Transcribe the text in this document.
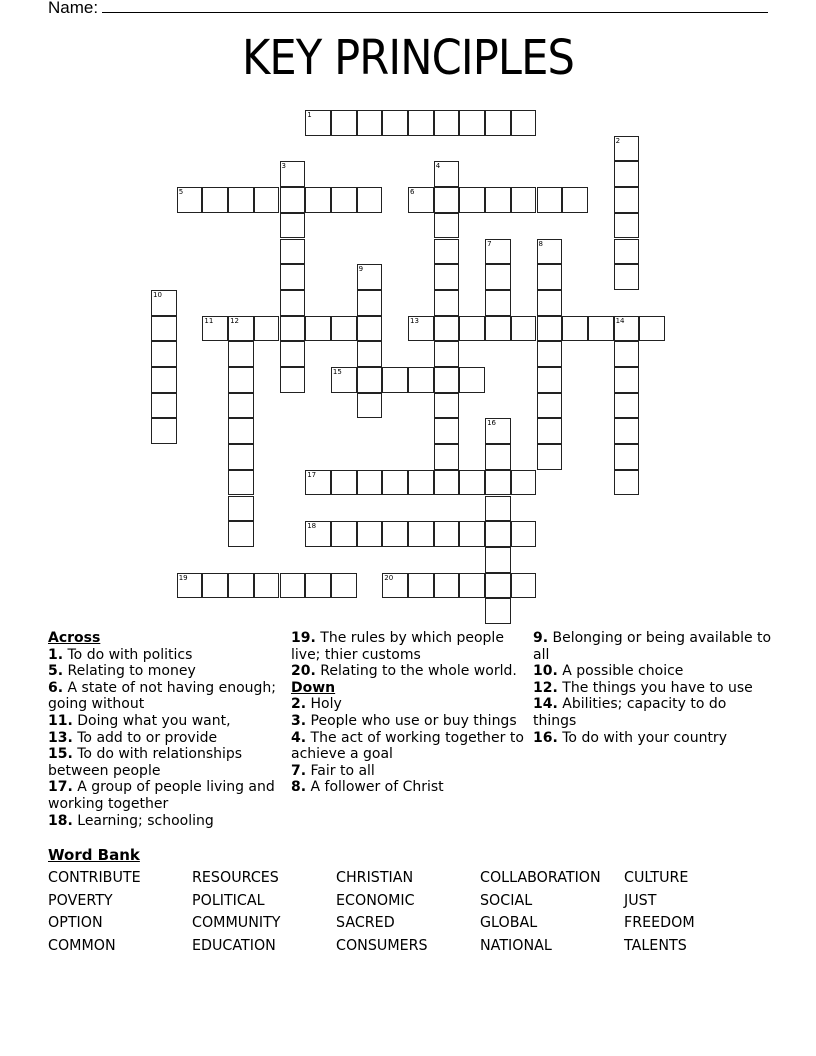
Name:
KEY PRINCIPLES
1
2
3	4
5	6
7	8
9
10
11 12	13	14
15
16
17
18
19	20
Across
1. To do with politics
5. Relating to money
6. A state of not having enough; going without
11. Doing what you want,
13. To add to or provide
15. To do with relationships between people
17. A group of people living and working together
18. Learning; schooling
19. The rules by which people live; thier customs
20. Relating to the whole world.
Down
2. Holy
3. People who use or buy things
4. The act of working together to achieve a goal
7. Fair to all
8. A follower of Christ
9. Belonging or being available to all
10. A possible choice
12. The things you have to use
14. Abilities; capacity to do things
16. To do with your country
Word Bank
CONTRIBUTE	RESOURCES	CHRISTIAN	COLLABORATION	CULTURE
POVERTY	POLITICAL	ECONOMIC	SOCIAL	JUST
OPTION	COMMUNITY	SACRED	GLOBAL	FREEDOM
COMMON	EDUCATION	CONSUMERS	NATIONAL	TALENTS
